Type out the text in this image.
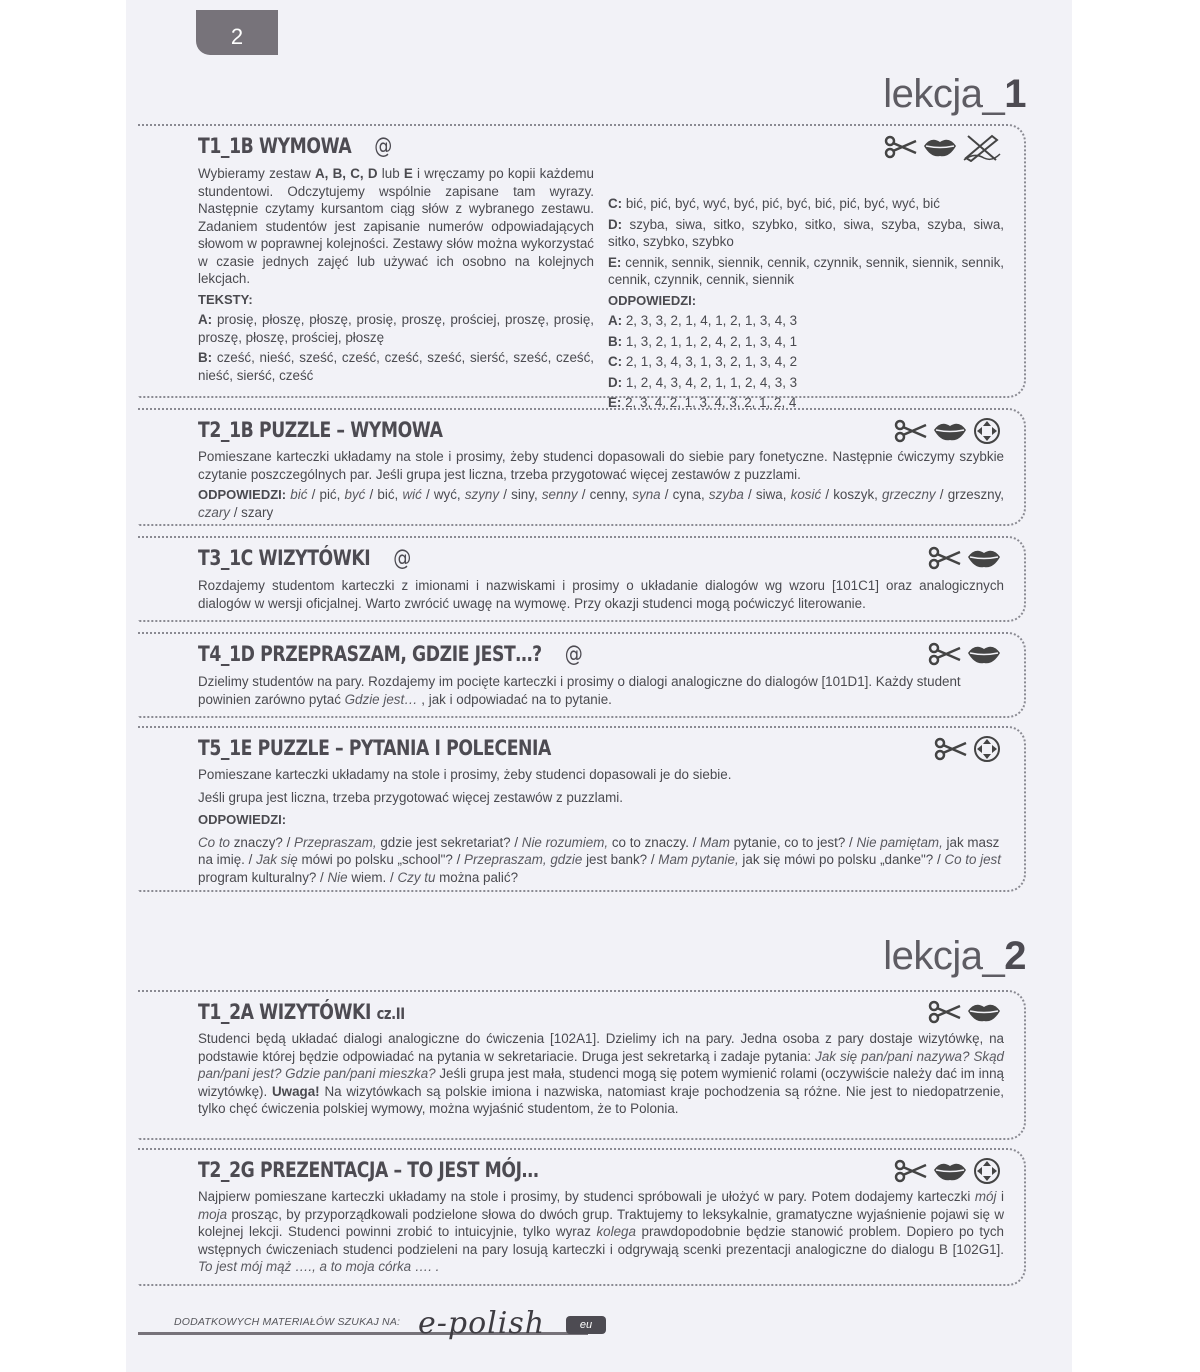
2
lekcja_1
T1_1B WYMOWA @

Wybieramy zestaw A, B, C, D lub E i wręczamy po kopii każdemu stundentowi. Odczytujemy wspólnie zapisane tam wyrazy. Następnie czytamy kursantom ciąg słów z wybranego zestawu. Zadaniem studentów jest zapisanie numerów odpowiadających słowom w poprawnej kolejności. Zestawy słów można wykorzystać w czasie jednych zajęć lub używać ich osobno na kolejnych lekcjach.

TEKSTY:

A: prosię, płoszę, płoszę, prosię, proszę, prościej, proszę, prosię, proszę, płoszę, prościej, płoszę

B: cześć, nieść, sześć, cześć, cześć, sześć, sierść, sześć, cześć, nieść, sierść, cześć

C: bić, pić, być, wyć, być, pić, być, bić, pić, być, wyć, bić

D: szyba, siwa, sitko, szybko, sitko, siwa, szyba, szyba, siwa, sitko, szybko, szybko

E: cennik, sennik, siennik, cennik, czynnik, sennik, siennik, sennik, cennik, czynnik, cennik, siennik

ODPOWIEDZI:

A: 2, 3, 3, 2, 1, 4, 1, 2, 1, 3, 4, 3

B: 1, 3, 2, 1, 1, 2, 4, 2, 1, 3, 4, 1

C: 2, 1, 3, 4, 3, 1, 3, 2, 1, 3, 4, 2

D: 1, 2, 4, 3, 4, 2, 1, 1, 2, 4, 3, 3

E: 2, 3, 4, 2, 1, 3, 4, 3, 2, 1, 2, 4

T2_1B PUZZLE – WYMOWA

Pomieszane karteczki układamy na stole i prosimy, żeby studenci dopasowali do siebie pary fonetyczne. Następnie ćwiczymy szybkie czytanie poszczególnych par. Jeśli grupa jest liczna, trzeba przygotować więcej zestawów z puzzlami.

ODPOWIEDZI: bić / pić, być / bić, wić / wyć, szyny / siny, senny / cenny, syna / cyna, szyba / siwa, kosić / koszyk, grzeczny / grzeszny, czary / szary

T3_1C WIZYTÓWKI @

Rozdajemy studentom karteczki z imionami i nazwiskami i prosimy o układanie dialogów wg wzoru [101C1] oraz analogicznych dialogów w wersji oficjalnej. Warto zwrócić uwagę na wymowę. Przy okazji studenci mogą poćwiczyć literowanie.

T4_1D PRZEPRASZAM, GDZIE JEST…? @

Dzielimy studentów na pary. Rozdajemy im pocięte karteczki i prosimy o dialogi analogiczne do dialogów [101D1]. Każdy student powinien zarówno pytać Gdzie jest… , jak i odpowiadać na to pytanie.

T5_1E PUZZLE – PYTANIA I POLECENIA

Pomieszane karteczki układamy na stole i prosimy, żeby studenci dopasowali je do siebie.

Jeśli grupa jest liczna, trzeba przygotować więcej zestawów z puzzlami.

ODPOWIEDZI:

Co to znaczy? / Przepraszam, gdzie jest sekretariat? / Nie rozumiem, co to znaczy. / Mam pytanie, co to jest? / Nie pamiętam, jak masz na imię. / Jak się mówi po polsku „school"? / Przepraszam, gdzie jest bank? / Mam pytanie, jak się mówi po polsku „danke"? / Co to jest program kulturalny? / Nie wiem. / Czy tu można palić?

lekcja_2
T1_2A WIZYTÓWKI cz.II

Studenci będą układać dialogi analogiczne do ćwiczenia [102A1]. Dzielimy ich na pary. Jedna osoba z pary dostaje wizytówkę, na podstawie której będzie odpowiadać na pytania w sekretariacie. Druga jest sekretarką i zadaje pytania: Jak się pan/pani nazywa? Skąd pan/pani jest? Gdzie pan/pani mieszka? Jeśli grupa jest mała, studenci mogą się potem wymienić rolami (oczywiście należy dać im inną wizytówkę). Uwaga! Na wizytówkach są polskie imiona i nazwiska, natomiast kraje pochodzenia są różne. Nie jest to niedopatrzenie, tylko chęć ćwiczenia polskiej wymowy, można wyjaśnić studentom, że to Polonia.

T2_2G PREZENTACJA – TO JEST MÓJ…

Najpierw pomieszane karteczki układamy na stole i prosimy, by studenci spróbowali je ułożyć w pary. Potem dodajemy karteczki mój i moja prosząc, by przyporządkowali podzielone słowa do dwóch grup. Traktujemy to leksykalnie, gramatyczne wyjaśnienie pojawi się w kolejnej lekcji. Studenci powinni zrobić to intuicyjnie, tylko wyraz kolega prawdopodobnie będzie stanowić problem. Dopiero po tych wstępnych ćwiczeniach studenci podzieleni na pary losują karteczki i odgrywają scenki prezentacji analogiczne do dialogu B [102G1]. To jest mój mąż …., a to moja córka …. .

DODATKOWYCH MATERIAŁÓW SZUKAJ NA: e-polish	eu
